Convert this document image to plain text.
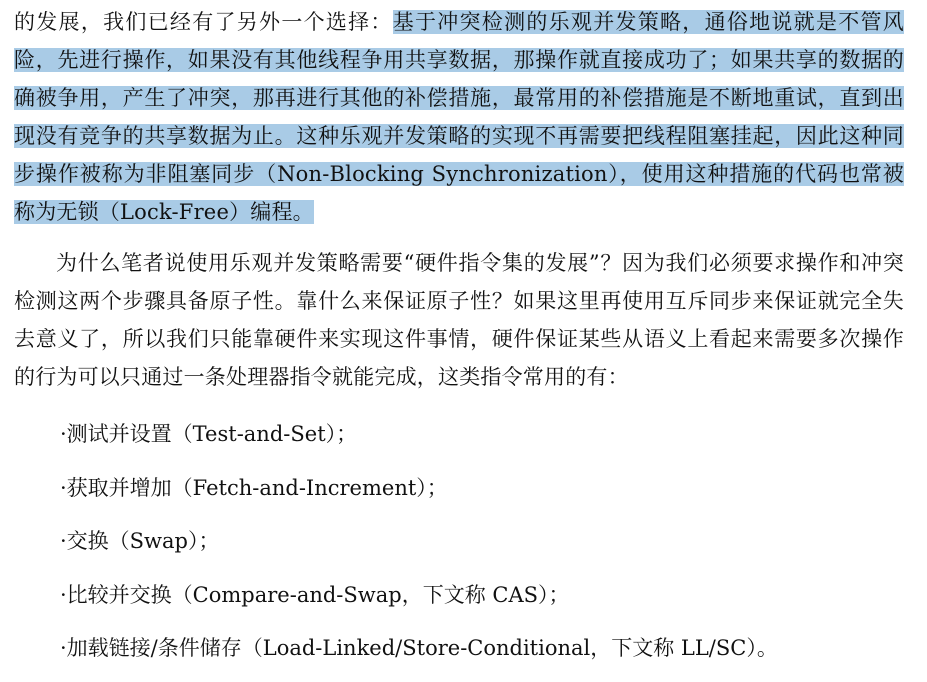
的发展，我们已经有了另外一个选择：基于冲突检测的乐观并发策略，通俗地说就是不管风险，先进行操作，如果没有其他线程争用共享数据，那操作就直接成功了；如果共享的数据的确被争用，产生了冲突，那再进行其他的补偿措施，最常用的补偿措施是不断地重试，直到出现没有竞争的共享数据为止。这种乐观并发策略的实现不再需要把线程阻塞挂起，因此这种同步操作被称为非阻塞同步（Non-Blocking Synchronization），使用这种措施的代码也常被称为无锁（Lock-Free）编程。

为什么笔者说使用乐观并发策略需要“硬件指令集的发展”？因为我们必须要求操作和冲突检测这两个步骤具备原子性。靠什么来保证原子性？如果这里再使用互斥同步来保证就完全失去意义了，所以我们只能靠硬件来实现这件事情，硬件保证某些从语义上看起来需要多次操作的行为可以只通过一条处理器指令就能完成，这类指令常用的有：

·测试并设置（Test-and-Set）；
·获取并增加（Fetch-and-Increment）；
·交换（Swap）；
·比较并交换（Compare-and-Swap，下文称 CAS）；
·加载链接/条件储存（Load-Linked/Store-Conditional，下文称 LL/SC）。
